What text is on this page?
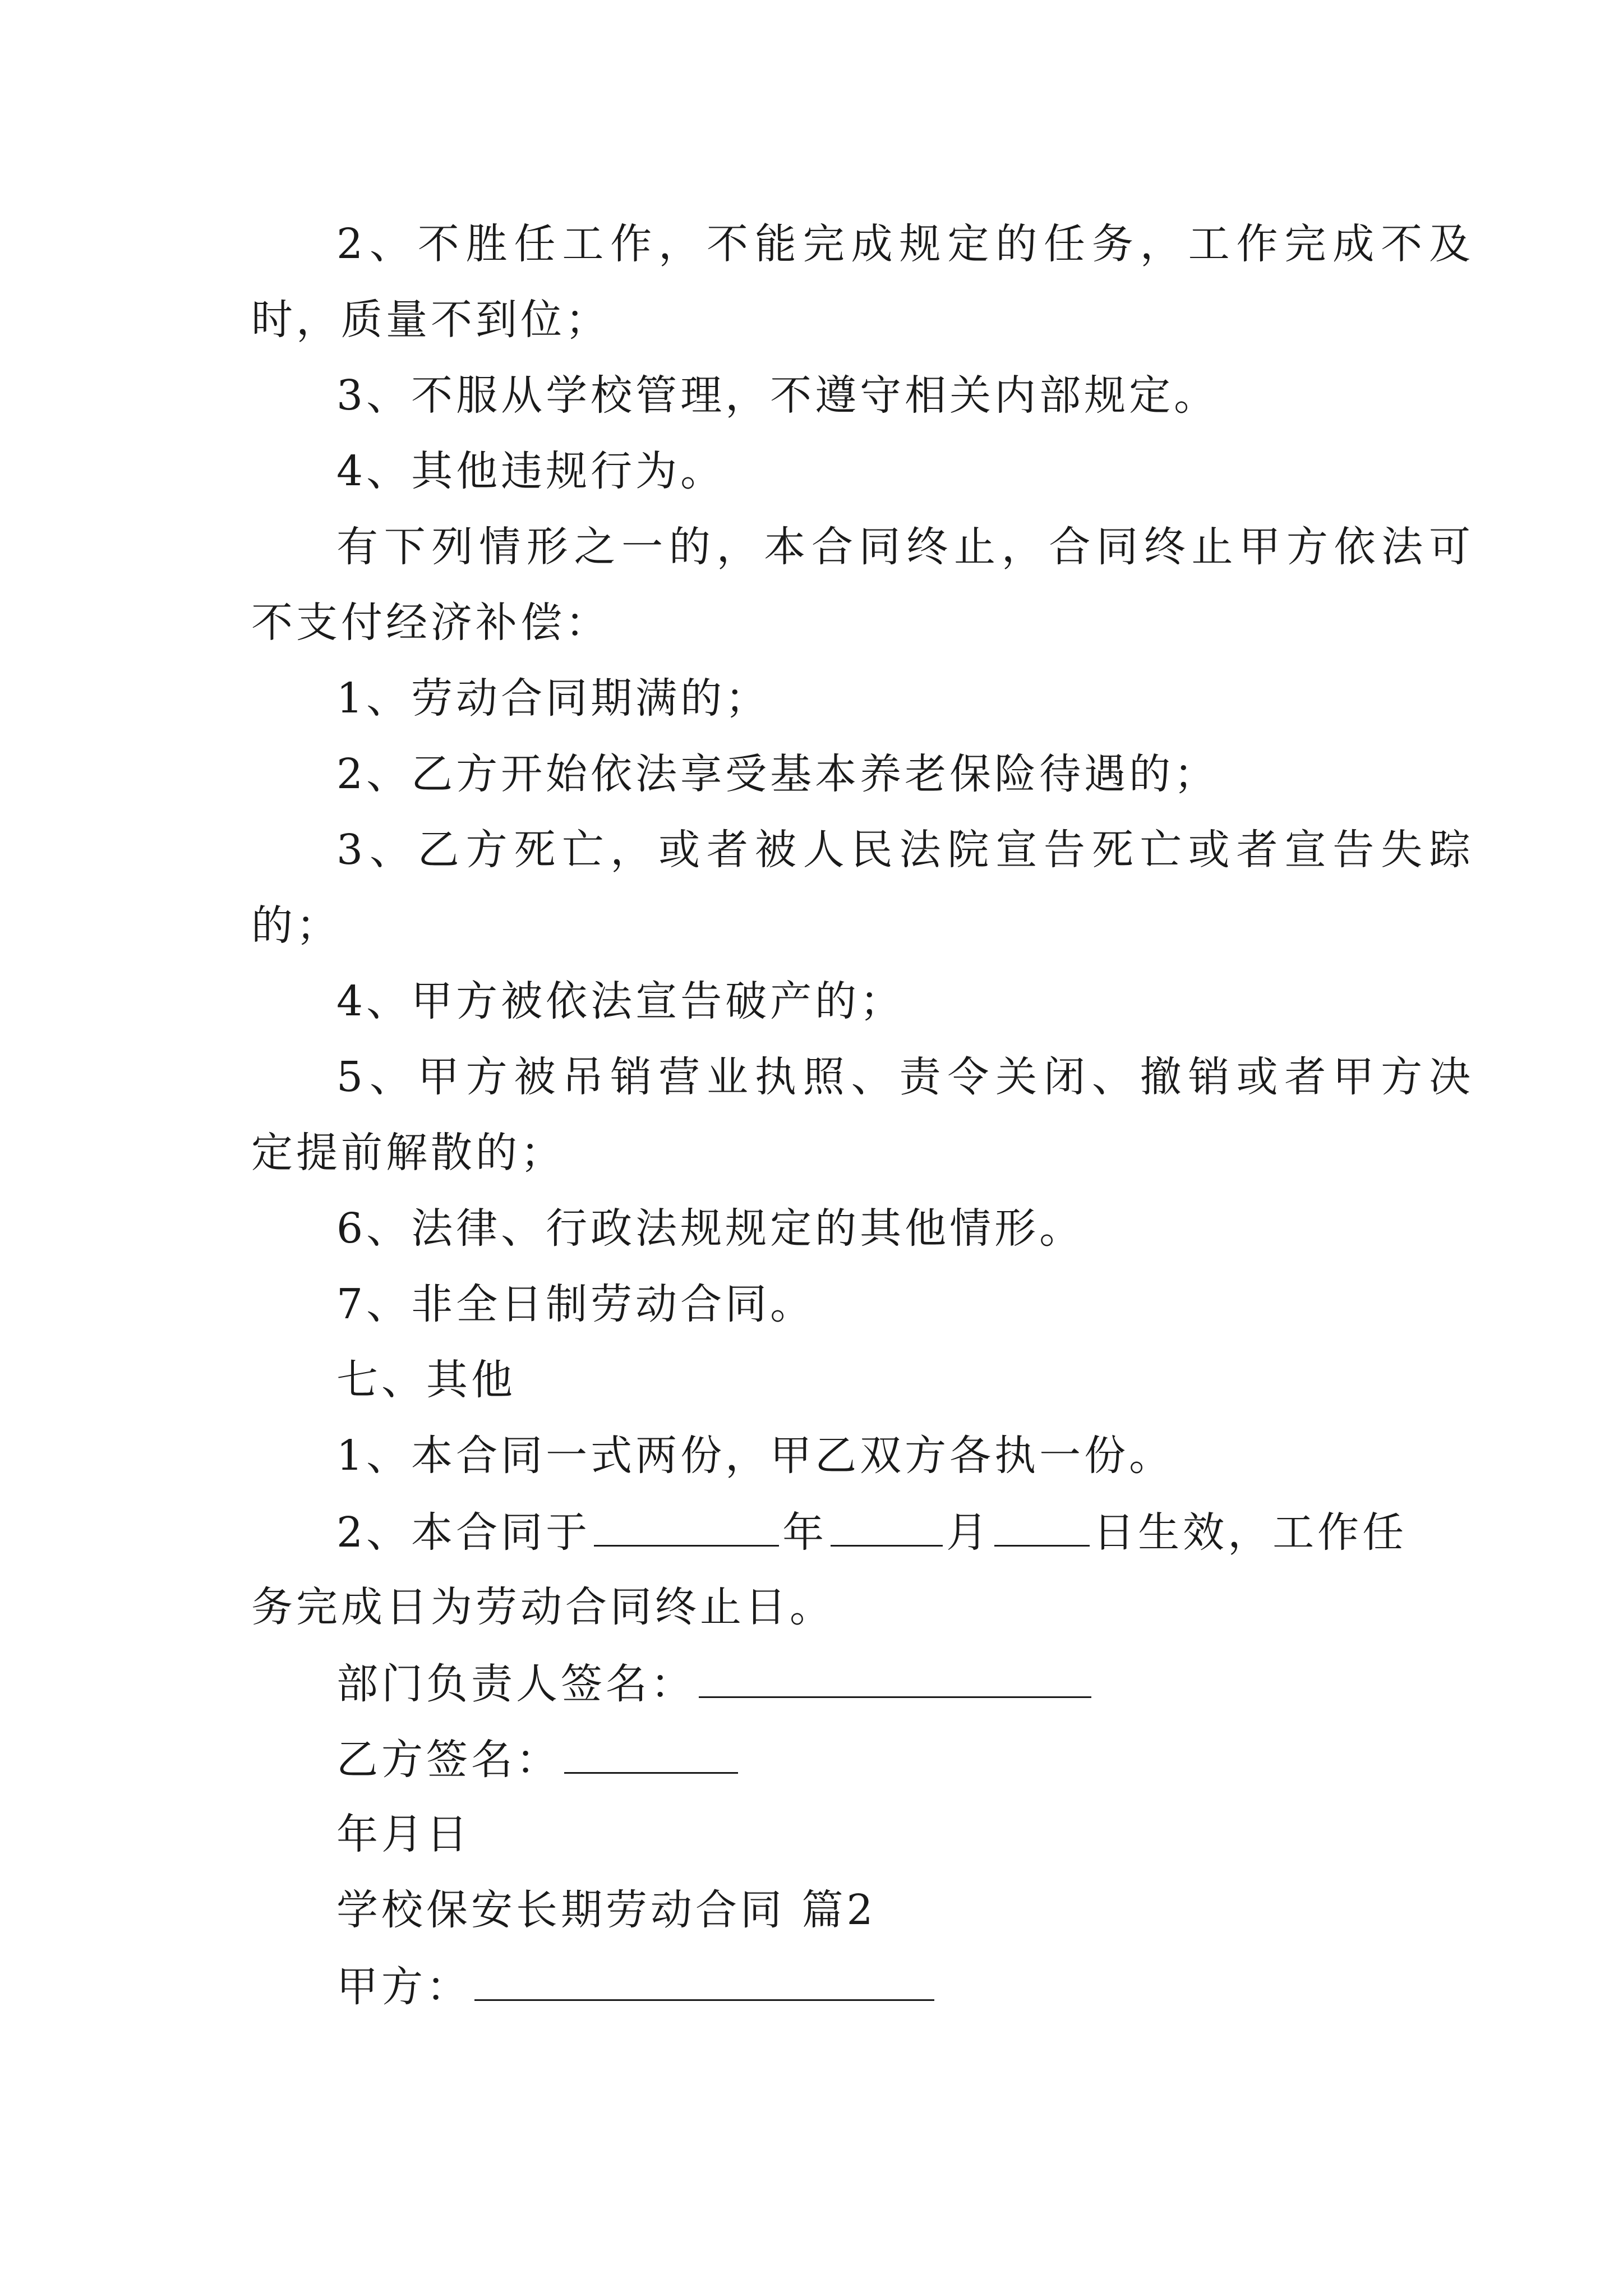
2、不胜任工作，不能完成规定的任务，工作完成不及
时，质量不到位；
3、不服从学校管理，不遵守相关内部规定。
4、其他违规行为。
有下列情形之一的，本合同终止，合同终止甲方依法可
不支付经济补偿：
1、劳动合同期满的；
2、乙方开始依法享受基本养老保险待遇的；
3、乙方死亡，或者被人民法院宣告死亡或者宣告失踪
的；
4、甲方被依法宣告破产的；
5、甲方被吊销营业执照、责令关闭、撤销或者甲方决
定提前解散的；
6、法律、行政法规规定的其他情形。
7、非全日制劳动合同。
七、其他
1、本合同一式两份，甲乙双方各执一份。
2、本合同于	年	月 日生效，工作任
务完成日为劳动合同终止日。
部门负责人签名：
乙方签名：
年月日
学校保安长期劳动合同 篇2
甲方：
